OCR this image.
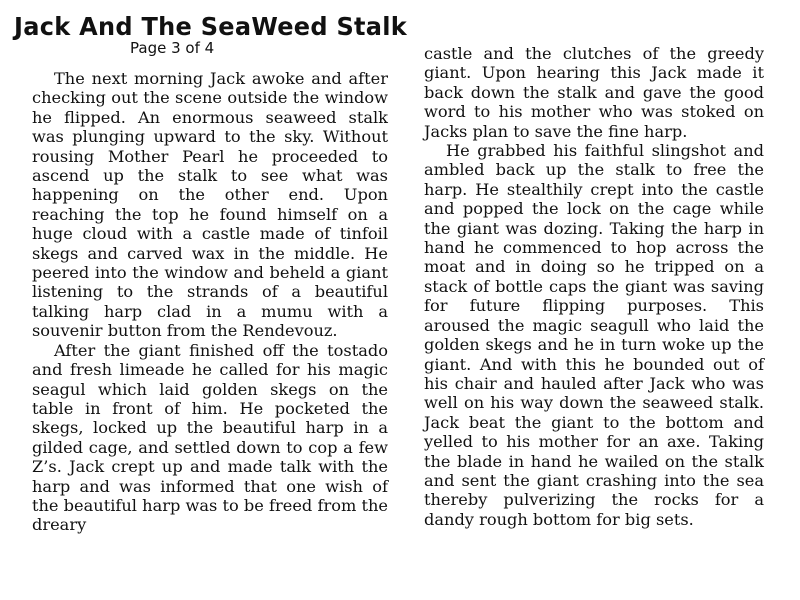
Jack And The SeaWeed Stalk
Page 3 of 4

The next morning Jack awoke and after checking out the scene outside the window he flipped. An enormous seaweed stalk was plunging upward to the sky. Without rousing Mother Pearl he proceeded to ascend up the stalk to see what was happening on the other end. Upon reaching the top he found himself on a huge cloud with a castle made of tinfoil skegs and carved wax in the middle. He peered into the window and beheld a giant listening to the strands of a beautiful talking harp clad in a mumu with a souvenir button from the Rendevouz.

After the giant finished off the tostado and fresh limeade he called for his magic seagul which laid golden skegs on the table in front of him. He pocketed the skegs, locked up the beautiful harp in a gilded cage, and settled down to cop a few Z’s. Jack crept up and made talk with the harp and was informed that one wish of the beautiful harp was to be freed from the dreary

castle and the clutches of the greedy giant. Upon hearing this Jack made it back down the stalk and gave the good word to his mother who was stoked on Jacks plan to save the fine harp.

He grabbed his faithful slingshot and ambled back up the stalk to free the harp. He stealthily crept into the castle and popped the lock on the cage while the giant was dozing. Taking the harp in hand he commenced to hop across the moat and in doing so he tripped on a stack of bottle caps the giant was saving for future flipping purposes. This aroused the magic seagull who laid the golden skegs and he in turn woke up the giant. And with this he bounded out of his chair and hauled after Jack who was well on his way down the seaweed stalk. Jack beat the giant to the bottom and yelled to his mother for an axe. Taking the blade in hand he wailed on the stalk and sent the giant crashing into the sea thereby pulverizing the rocks for a dandy rough bottom for big sets.
